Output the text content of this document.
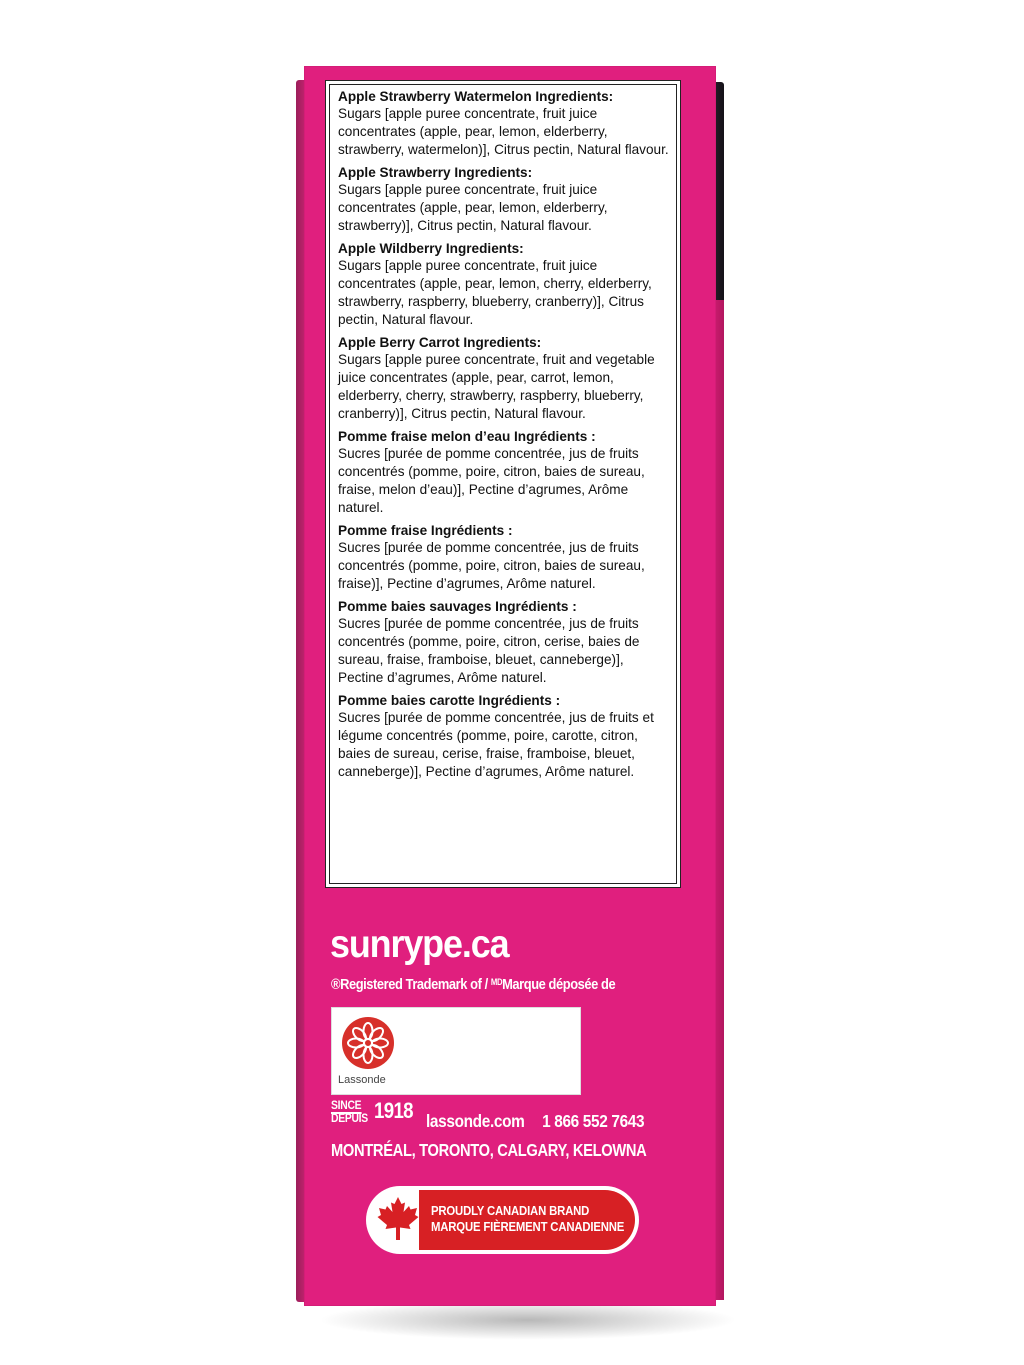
Apple Strawberry Watermelon Ingredients:
Sugars [apple puree concentrate, fruit juice concentrates (apple, pear, lemon, elderberry, strawberry, watermelon)], Citrus pectin, Natural flavour.
Apple Strawberry Ingredients:
Sugars [apple puree concentrate, fruit juice concentrates (apple, pear, lemon, elderberry, strawberry)], Citrus pectin, Natural flavour.
Apple Wildberry Ingredients:
Sugars [apple puree concentrate, fruit juice concentrates (apple, pear, lemon, cherry, elderberry, strawberry, raspberry, blueberry, cranberry)], Citrus pectin, Natural flavour.
Apple Berry Carrot Ingredients:
Sugars [apple puree concentrate, fruit and vegetable juice concentrates (apple, pear, carrot, lemon, elderberry, cherry, strawberry, raspberry, blueberry, cranberry)], Citrus pectin, Natural flavour.
Pomme fraise melon d’eau Ingrédients :
Sucres [purée de pomme concentrée, jus de fruits concentrés (pomme, poire, citron, baies de sureau, fraise, melon d’eau)], Pectine d’agrumes, Arôme naturel.
Pomme fraise Ingrédients :
Sucres [purée de pomme concentrée, jus de fruits concentrés (pomme, poire, citron, baies de sureau, fraise)], Pectine d’agrumes, Arôme naturel.
Pomme baies sauvages Ingrédients :
Sucres [purée de pomme concentrée, jus de fruits concentrés (pomme, poire, citron, cerise, baies de sureau, fraise, framboise, bleuet, canneberge)], Pectine d’agrumes, Arôme naturel.
Pomme baies carotte Ingrédients :
Sucres [purée de pomme concentrée, jus de fruits et légume concentrés (pomme, poire, carotte, citron, baies de sureau, cerise, fraise, framboise, bleuet, canneberge)], Pectine d’agrumes, Arôme naturel.
sunrype.ca
®Registered Trademark of / $^{MD}$Marque déposée de
Lassonde
SINCE
DEPUIS 1918 lassonde.com 1 866 552 7643
MONTRÉAL, TORONTO, CALGARY, KELOWNA
PROUDLY CANADIAN BRAND
MARQUE FIÈREMENT CANADIENNE
